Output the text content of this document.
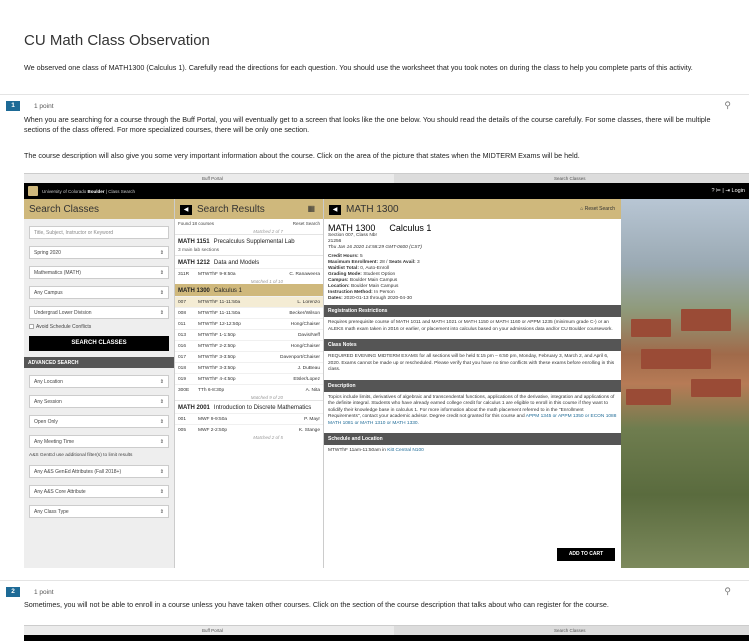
CU Math Class Observation

We observed one class of MATH1300 (Calculus 1). Carefully read the directions for each question. You should use the worksheet that you took notes on during the class to help you complete parts of this activity.

1	1 point	⚲

When you are searching for a course through the Buff Portal, you will eventually get to a screen that looks like the one below. You should read the details of the course carefully. For some classes, there will be multiple sections of the class offered. For more specialized courses, there will be only one section.

The course description will also give you some very important information about the course. Click on the area of the picture that states when the MIDTERM Exams will be held.

Buff Portal	Search Classes
University of Colorado Boulder | Class Search	? ⊨ | ⇥ Login
Search Classes
Title, Subject, Instructor or Keyword
Spring 2020	⇕
Mathematics (MATH)	⇕
Any Campus	⇕
Undergrad Lower Division	⇕
Avoid Schedule Conflicts
SEARCH CLASSES
ADVANCED SEARCH
Any Location	⇕
Any Session	⇕
Open Only	⇕
Any Meeting Time	⇕
A&S GenEd use additional filter(s) to limit results
Any A&S GenEd Attributes (Fall 2018+)	⇕
Any A&S Core Attribute	⇕
Any Class Type	⇕
◀ Search Results	▦
Found 18 courses	Reset Search
Matched 2 of 7
MATH 1151 Precalculus Supplemental Lab
3 main lab sections
MATH 1212 Data and Models
311R	MTWThF 9-9:50a	C. Ranaweera
Matched 1 of 10
MATH 1300 Calculus 1
007	MTWThF 11-11:50a	L. Lorenzo
008	MTWThF 11-11:50a	Becker/Wilson
011	MTWThF 12-12:50p	Hong/Chaiser
013	MTWThF 1-1:50p	Davis/Neff
016	MTWThF 2-2:50p	Hong/Chaiser
017	MTWThF 3-3:50p	Davenport/Chaiser
018	MTWThF 3-3:50p	J. DuBeau
019	MTWThF 4-4:50p	Etsler/Lopez
300E	TTh 6-8:30p	A. Nita
Matched 9 of 20
MATH 2001 Introduction to Discrete Mathematics
001	MWF 9-9:50a	P. Mayr
005	MWF 2-2:50p	K. Stange
Matched 2 of 5
◀ MATH 1300	⌂ Reset Search
MATH 1300 Calculus 1
Section 007, Class Nbr
21256
Thu Jan 16 2020 14:58:29 GMT-0600 (CST)
Credit Hours: 5
Maximum Enrollment: 28 / Seats Avail: 3
Waitlist Total: 0, Auto-Enroll
Grading Mode: Student Option
Campus: Boulder Main Campus
Location: Boulder Main Campus
Instruction Method: In Person
Dates: 2020-01-13 through 2020-04-30
Registration Restrictions
Requires prerequisite course of MATH 1011 and MATH 1021 or MATH 1150 or MATH 1160 or APPM 1235 (minimum grade C-) or an ALEKS math exam taken in 2016 or earlier, or placement into calculus based on your admissions data and/or CU Boulder coursework.
Class Notes
REQUIRED EVENING MIDTERM EXAMS for all sections will be held 5:15 pm – 6:50 pm, Monday, February 3, March 2, and April 6, 2020. Exams cannot be made up or rescheduled. Please verify that you have no time conflicts with these exams before enrolling in this class.
Description
Topics include limits, derivatives of algebraic and transcendental functions, applications of the derivative, integration and applications of the definite integral. Students who have already earned college credit for calculus 1 are eligible to enroll in this course if they want to solidify their knowledge base in calculus 1. For more information about the math placement referred to in the "Enrollment Requirements", contact your academic advisor. Degree credit not granted for this course and APPM 1345 or APPM 1350 or ECON 1088 MATH 1081 or MATH 1310 or MATH 1330.
Schedule and Location
MTWThF 11am-11:50am in Kitt Central N100
ADD TO CART
2	1 point	⚲

Sometimes, you will not be able to enroll in a course unless you have taken other courses. Click on the section of the course description that talks about who can register for the course.

Buff Portal	Search Classes
